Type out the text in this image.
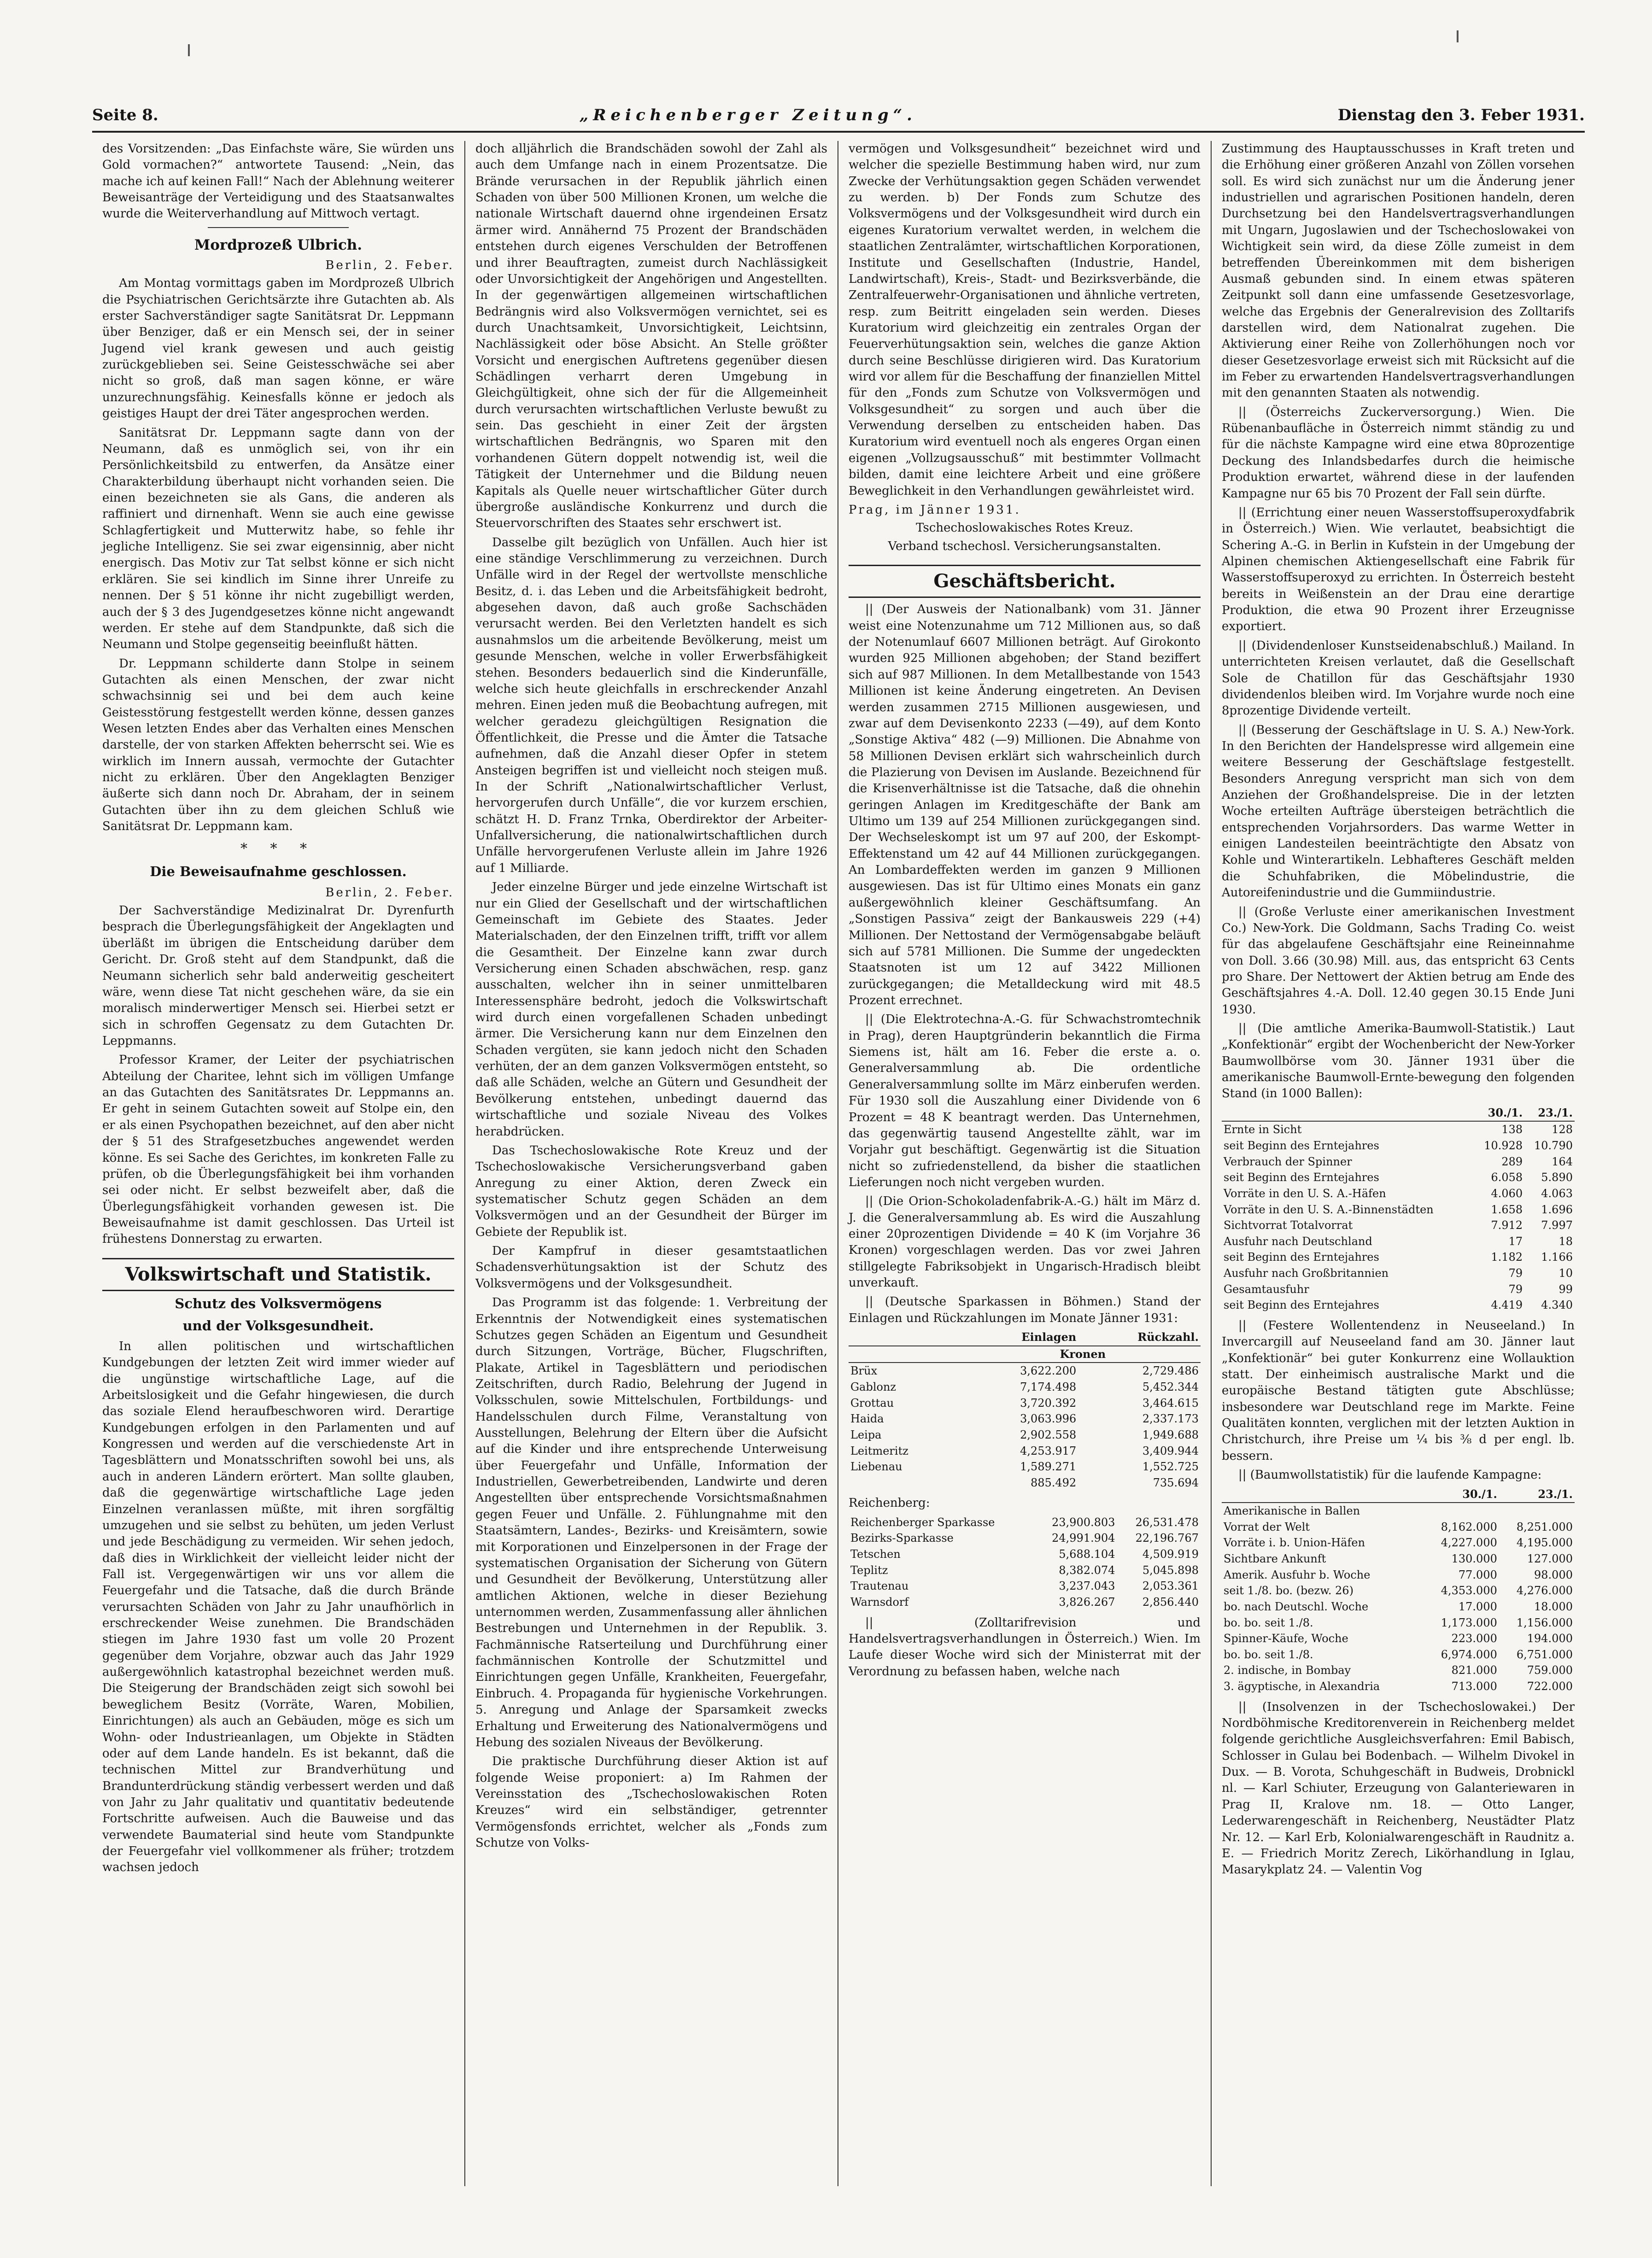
Seite 8.	„Reichenberger Zeitung“.	Dienstag den 3. Feber 1931.

des Vorsitzenden: „Das Einfachste wäre, Sie würden uns Gold vormachen?“ antwortete Tausend: „Nein, das mache ich auf keinen Fall!“ Nach der Ablehnung weiterer Beweisanträge der Verteidigung und des Staatsanwaltes wurde die Weiterverhandlung auf Mittwoch vertagt.

Mordprozeß Ulbrich.
Berlin, 2. Feber.

Am Montag vormittags gaben im Mordprozeß Ulbrich die Psychiatrischen Gerichtsärzte ihre Gutachten ab. Als erster Sachverständiger sagte Sanitätsrat Dr. Leppmann über Benziger, daß er ein Mensch sei, der in seiner Jugend viel krank gewesen und auch geistig zurückgeblieben sei. Seine Geistesschwäche sei aber nicht so groß, daß man sagen könne, er wäre unzurechnungsfähig. Keinesfalls könne er jedoch als geistiges Haupt der drei Täter angesprochen werden.

Sanitätsrat Dr. Leppmann sagte dann von der Neumann, daß es unmöglich sei, von ihr ein Persönlichkeitsbild zu entwerfen, da Ansätze einer Charakterbildung überhaupt nicht vorhanden seien. Die einen bezeichneten sie als Gans, die anderen als raffiniert und dirnenhaft. Wenn sie auch eine gewisse Schlagfertigkeit und Mutterwitz habe, so fehle ihr jegliche Intelligenz. Sie sei zwar eigensinnig, aber nicht energisch. Das Motiv zur Tat selbst könne er sich nicht erklären. Sie sei kindlich im Sinne ihrer Unreife zu nennen. Der § 51 könne ihr nicht zugebilligt werden, auch der § 3 des Jugendgesetzes könne nicht angewandt werden. Er stehe auf dem Standpunkte, daß sich die Neumann und Stolpe gegenseitig beeinflußt hätten.

Dr. Leppmann schilderte dann Stolpe in seinem Gutachten als einen Menschen, der zwar nicht schwachsinnig sei und bei dem auch keine Geistesstörung festgestellt werden könne, dessen ganzes Wesen letzten Endes aber das Verhalten eines Menschen darstelle, der von starken Affekten beherrscht sei. Wie es wirklich im Innern aussah, vermochte der Gutachter nicht zu erklären. Über den Angeklagten Benziger äußerte sich dann noch Dr. Abraham, der in seinem Gutachten über ihn zu dem gleichen Schluß wie Sanitätsrat Dr. Leppmann kam.

* * *
Die Beweisaufnahme geschlossen.
Berlin, 2. Feber.

Der Sachverständige Medizinalrat Dr. Dyrenfurth besprach die Überlegungsfähigkeit der Angeklagten und überläßt im übrigen die Entscheidung darüber dem Gericht. Dr. Groß steht auf dem Standpunkt, daß die Neumann sicherlich sehr bald anderweitig gescheitert wäre, wenn diese Tat nicht geschehen wäre, da sie ein moralisch minderwertiger Mensch sei. Hierbei setzt er sich in schroffen Gegensatz zu dem Gutachten Dr. Leppmanns.

Professor Kramer, der Leiter der psychiatrischen Abteilung der Charitee, lehnt sich im völligen Umfange an das Gutachten des Sanitätsrates Dr. Leppmanns an. Er geht in seinem Gutachten soweit auf Stolpe ein, den er als einen Psychopathen bezeichnet, auf den aber nicht der § 51 des Strafgesetzbuches angewendet werden könne. Es sei Sache des Gerichtes, im konkreten Falle zu prüfen, ob die Überlegungsfähigkeit bei ihm vorhanden sei oder nicht. Er selbst bezweifelt aber, daß die Überlegungsfähigkeit vorhanden gewesen ist. Die Beweisaufnahme ist damit geschlossen. Das Urteil ist frühestens Donnerstag zu erwarten.

Volkswirtschaft und Statistik.
Schutz des Volksvermögens
und der Volksgesundheit.

In allen politischen und wirtschaftlichen Kundgebungen der letzten Zeit wird immer wieder auf die ungünstige wirtschaftliche Lage, auf die Arbeitslosigkeit und die Gefahr hingewiesen, die durch das soziale Elend heraufbeschworen wird. Derartige Kundgebungen erfolgen in den Parlamenten und auf Kongressen und werden auf die verschiedenste Art in Tagesblättern und Monatsschriften sowohl bei uns, als auch in anderen Ländern erörtert. Man sollte glauben, daß die gegenwärtige wirtschaftliche Lage jeden Einzelnen veranlassen müßte, mit ihren sorgfältig umzugehen und sie selbst zu behüten, um jeden Verlust und jede Beschädigung zu vermeiden. Wir sehen jedoch, daß dies in Wirklichkeit der vielleicht leider nicht der Fall ist. Vergegenwärtigen wir uns vor allem die Feuergefahr und die Tatsache, daß die durch Brände verursachten Schäden von Jahr zu Jahr unaufhörlich in erschreckender Weise zunehmen. Die Brandschäden stiegen im Jahre 1930 fast um volle 20 Prozent gegenüber dem Vorjahre, obzwar auch das Jahr 1929 außergewöhnlich katastrophal bezeichnet werden muß. Die Steigerung der Brandschäden zeigt sich sowohl bei beweglichem Besitz (Vorräte, Waren, Mobilien, Einrichtungen) als auch an Gebäuden, möge es sich um Wohn- oder Industrieanlagen, um Objekte in Städten oder auf dem Lande handeln. Es ist bekannt, daß die technischen Mittel zur Brandverhütung und Brandunterdrückung ständig verbessert werden und daß von Jahr zu Jahr qualitativ und quantitativ bedeutende Fortschritte aufweisen. Auch die Bauweise und das verwendete Baumaterial sind heute vom Standpunkte der Feuergefahr viel vollkommener als früher; trotzdem wachsen jedoch

doch alljährlich die Brandschäden sowohl der Zahl als auch dem Umfange nach in einem Prozentsatze. Die Brände verursachen in der Republik jährlich einen Schaden von über 500 Millionen Kronen, um welche die nationale Wirtschaft dauernd ohne irgendeinen Ersatz ärmer wird. Annähernd 75 Prozent der Brandschäden entstehen durch eigenes Verschulden der Betroffenen und ihrer Beauftragten, zumeist durch Nachlässigkeit oder Unvorsichtigkeit der Angehörigen und Angestellten. In der gegenwärtigen allgemeinen wirtschaftlichen Bedrängnis wird also Volksvermögen vernichtet, sei es durch Unachtsamkeit, Unvorsichtigkeit, Leichtsinn, Nachlässigkeit oder böse Absicht. An Stelle größter Vorsicht und energischen Auftretens gegenüber diesen Schädlingen verharrt deren Umgebung in Gleichgültigkeit, ohne sich der für die Allgemeinheit durch verursachten wirtschaftlichen Verluste bewußt zu sein. Das geschieht in einer Zeit der ärgsten wirtschaftlichen Bedrängnis, wo Sparen mit den vorhandenen Gütern doppelt notwendig ist, weil die Tätigkeit der Unternehmer und die Bildung neuen Kapitals als Quelle neuer wirtschaftlicher Güter durch übergroße ausländische Konkurrenz und durch die Steuervorschriften des Staates sehr erschwert ist.

Dasselbe gilt bezüglich von Unfällen. Auch hier ist eine ständige Verschlimmerung zu verzeichnen. Durch Unfälle wird in der Regel der wertvollste menschliche Besitz, d. i. das Leben und die Arbeitsfähigkeit bedroht, abgesehen davon, daß auch große Sachschäden verursacht werden. Bei den Verletzten handelt es sich ausnahmslos um die arbeitende Bevölkerung, meist um gesunde Menschen, welche in voller Erwerbsfähigkeit stehen. Besonders bedauerlich sind die Kinderunfälle, welche sich heute gleichfalls in erschreckender Anzahl mehren. Einen jeden muß die Beobachtung aufregen, mit welcher geradezu gleichgültigen Resignation die Öffentlichkeit, die Presse und die Ämter die Tatsache aufnehmen, daß die Anzahl dieser Opfer in stetem Ansteigen begriffen ist und vielleicht noch steigen muß. In der Schrift „Nationalwirtschaftlicher Verlust, hervorgerufen durch Unfälle“, die vor kurzem erschien, schätzt H. D. Franz Trnka, Oberdirektor der Arbeiter-Unfallversicherung, die nationalwirtschaftlichen durch Unfälle hervorgerufenen Verluste allein im Jahre 1926 auf 1 Milliarde.

Jeder einzelne Bürger und jede einzelne Wirtschaft ist nur ein Glied der Gesellschaft und der wirtschaftlichen Gemeinschaft im Gebiete des Staates. Jeder Materialschaden, der den Einzelnen trifft, trifft vor allem die Gesamtheit. Der Einzelne kann zwar durch Versicherung einen Schaden abschwächen, resp. ganz ausschalten, welcher ihn in seiner unmittelbaren Interessensphäre bedroht, jedoch die Volkswirtschaft wird durch einen vorgefallenen Schaden unbedingt ärmer. Die Versicherung kann nur dem Einzelnen den Schaden vergüten, sie kann jedoch nicht den Schaden verhüten, der an dem ganzen Volksvermögen entsteht, so daß alle Schäden, welche an Gütern und Gesundheit der Bevölkerung entstehen, unbedingt dauernd das wirtschaftliche und soziale Niveau des Volkes herabdrücken.

Das Tschechoslowakische Rote Kreuz und der Tschechoslowakische Versicherungsverband gaben Anregung zu einer Aktion, deren Zweck ein systematischer Schutz gegen Schäden an dem Volksvermögen und an der Gesundheit der Bürger im Gebiete der Republik ist.

Der Kampfruf in dieser gesamtstaatlichen Schadensverhütungsaktion ist der Schutz des Volksvermögens und der Volksgesundheit.

Das Programm ist das folgende: 1. Verbreitung der Erkenntnis der Notwendigkeit eines systematischen Schutzes gegen Schäden an Eigentum und Gesundheit durch Sitzungen, Vorträge, Bücher, Flugschriften, Plakate, Artikel in Tagesblättern und periodischen Zeitschriften, durch Radio, Belehrung der Jugend in Volksschulen, sowie Mittelschulen, Fortbildungs- und Handelsschulen durch Filme, Veranstaltung von Ausstellungen, Belehrung der Eltern über die Aufsicht auf die Kinder und ihre entsprechende Unterweisung über Feuergefahr und Unfälle, Information der Industriellen, Gewerbetreibenden, Landwirte und deren Angestellten über entsprechende Vorsichtsmaßnahmen gegen Feuer und Unfälle. 2. Fühlungnahme mit den Staatsämtern, Landes-, Bezirks- und Kreisämtern, sowie mit Korporationen und Einzelpersonen in der Frage der systematischen Organisation der Sicherung von Gütern und Gesundheit der Bevölkerung, Unterstützung aller amtlichen Aktionen, welche in dieser Beziehung unternommen werden, Zusammenfassung aller ähnlichen Bestrebungen und Unternehmen in der Republik. 3. Fachmännische Ratserteilung und Durchführung einer fachmännischen Kontrolle der Schutzmittel und Einrichtungen gegen Unfälle, Krankheiten, Feuergefahr, Einbruch. 4. Propaganda für hygienische Vorkehrungen. 5. Anregung und Anlage der Sparsamkeit zwecks Erhaltung und Erweiterung des Nationalvermögens und Hebung des sozialen Niveaus der Bevölkerung.

Die praktische Durchführung dieser Aktion ist auf folgende Weise proponiert: a) Im Rahmen der Vereinsstation des „Tschechoslowakischen Roten Kreuzes“ wird ein selbständiger, getrennter Vermögensfonds errichtet, welcher als „Fonds zum Schutze von Volks-

vermögen und Volksgesundheit“ bezeichnet wird und welcher die spezielle Bestimmung haben wird, nur zum Zwecke der Verhütungsaktion gegen Schäden verwendet zu werden. b) Der Fonds zum Schutze des Volksvermögens und der Volksgesundheit wird durch ein eigenes Kuratorium verwaltet werden, in welchem die staatlichen Zentralämter, wirtschaftlichen Korporationen, Institute und Gesellschaften (Industrie, Handel, Landwirtschaft), Kreis-, Stadt- und Bezirksverbände, die Zentralfeuerwehr-Organisationen und ähnliche vertreten, resp. zum Beitritt eingeladen sein werden. Dieses Kuratorium wird gleichzeitig ein zentrales Organ der Feuerverhütungsaktion sein, welches die ganze Aktion durch seine Beschlüsse dirigieren wird. Das Kuratorium wird vor allem für die Beschaffung der finanziellen Mittel für den „Fonds zum Schutze von Volksvermögen und Volksgesundheit“ zu sorgen und auch über die Verwendung derselben zu entscheiden haben. Das Kuratorium wird eventuell noch als engeres Organ einen eigenen „Vollzugsausschuß“ mit bestimmter Vollmacht bilden, damit eine leichtere Arbeit und eine größere Beweglichkeit in den Verhandlungen gewährleistet wird.

Prag, im Jänner 1931.
Tschechoslowakisches Rotes Kreuz.
Verband tschechosl. Versicherungsanstalten.
Geschäftsbericht.

|| (Der Ausweis der Nationalbank) vom 31. Jänner weist eine Notenzunahme um 712 Millionen aus, so daß der Notenumlauf 6607 Millionen beträgt. Auf Girokonto wurden 925 Millionen abgehoben; der Stand beziffert sich auf 987 Millionen. In dem Metallbestande von 1543 Millionen ist keine Änderung eingetreten. An Devisen werden zusammen 2715 Millionen ausgewiesen, und zwar auf dem Devisenkonto 2233 (—49), auf dem Konto „Sonstige Aktiva“ 482 (—9) Millionen. Die Abnahme von 58 Millionen Devisen erklärt sich wahrscheinlich durch die Plazierung von Devisen im Auslande. Bezeichnend für die Krisenverhältnisse ist die Tatsache, daß die ohnehin geringen Anlagen im Kreditgeschäfte der Bank am Ultimo um 139 auf 254 Millionen zurückgegangen sind. Der Wechseleskompt ist um 97 auf 200, der Eskompt-Effektenstand um 42 auf 44 Millionen zurückgegangen. An Lombardeffekten werden im ganzen 9 Millionen ausgewiesen. Das ist für Ultimo eines Monats ein ganz außergewöhnlich kleiner Geschäftsumfang. An „Sonstigen Passiva“ zeigt der Bankausweis 229 (+4) Millionen. Der Nettostand der Vermögensabgabe beläuft sich auf 5781 Millionen. Die Summe der ungedeckten Staatsnoten ist um 12 auf 3422 Millionen zurückgegangen; die Metalldeckung wird mit 48.5 Prozent errechnet.

|| (Die Elektrotechna-A.-G. für Schwachstromtechnik in Prag), deren Hauptgründerin bekanntlich die Firma Siemens ist, hält am 16. Feber die erste a. o. Generalversammlung ab. Die ordentliche Generalversammlung sollte im März einberufen werden. Für 1930 soll die Auszahlung einer Dividende von 6 Prozent = 48 K beantragt werden. Das Unternehmen, das gegenwärtig tausend Angestellte zählt, war im Vorjahr gut beschäftigt. Gegenwärtig ist die Situation nicht so zufriedenstellend, da bisher die staatlichen Lieferungen noch nicht vergeben wurden.

|| (Die Orion-Schokoladenfabrik-A.-G.) hält im März d. J. die Generalversammlung ab. Es wird die Auszahlung einer 20prozentigen Dividende = 40 K (im Vorjahre 36 Kronen) vorgeschlagen werden. Das vor zwei Jahren stillgelegte Fabriksobjekt in Ungarisch-Hradisch bleibt unverkauft.

|| (Deutsche Sparkassen in Böhmen.) Stand der Einlagen und Rückzahlungen im Monate Jänner 1931:

	Einlagen	Rückzahl.
	Kronen	
Brüx	3,622.200	2,729.486
Gablonz	7,174.498	5,452.344
Grottau	3,720.392	3,464.615
Haida	3,063.996	2,337.173
Leipa	2,902.558	1,949.688
Leitmeritz	4,253.917	3,409.944
Liebenau	1,589.271	1,552.725
	885.492	735.694
Reichenberg:
Reichenberger Sparkasse	23,900.803	26,531.478
Bezirks-Sparkasse	24,991.904	22,196.767
Tetschen	5,688.104	4,509.919
Teplitz	8,382.074	5,045.898
Trautenau	3,237.043	2,053.361
Warnsdorf	3,826.267	2,856.440

|| (Zolltarifrevision und Handelsvertragsverhandlungen in Österreich.) Wien. Im Laufe dieser Woche wird sich der Ministerrat mit der Verordnung zu befassen haben, welche nach

Zustimmung des Hauptausschusses in Kraft treten und die Erhöhung einer größeren Anzahl von Zöllen vorsehen soll. Es wird sich zunächst nur um die Änderung jener industriellen und agrarischen Positionen handeln, deren Durchsetzung bei den Handelsvertragsverhandlungen mit Ungarn, Jugoslawien und der Tschechoslowakei von Wichtigkeit sein wird, da diese Zölle zumeist in dem betreffenden Übereinkommen mit dem bisherigen Ausmaß gebunden sind. In einem etwas späteren Zeitpunkt soll dann eine umfassende Gesetzesvorlage, welche das Ergebnis der Generalrevision des Zolltarifs darstellen wird, dem Nationalrat zugehen. Die Aktivierung einer Reihe von Zollerhöhungen noch vor dieser Gesetzesvorlage erweist sich mit Rücksicht auf die im Feber zu erwartenden Handelsvertragsverhandlungen mit den genannten Staaten als notwendig.

|| (Österreichs Zuckerversorgung.) Wien. Die Rübenanbaufläche in Österreich nimmt ständig zu und für die nächste Kampagne wird eine etwa 80prozentige Deckung des Inlandsbedarfes durch die heimische Produktion erwartet, während diese in der laufenden Kampagne nur 65 bis 70 Prozent der Fall sein dürfte.

|| (Errichtung einer neuen Wasserstoffsuperoxydfabrik in Österreich.) Wien. Wie verlautet, beabsichtigt die Schering A.-G. in Berlin in Kufstein in der Umgebung der Alpinen chemischen Aktiengesellschaft eine Fabrik für Wasserstoffsuperoxyd zu errichten. In Österreich besteht bereits in Weißenstein an der Drau eine derartige Produktion, die etwa 90 Prozent ihrer Erzeugnisse exportiert.

|| (Dividendenloser Kunstseidenabschluß.) Mailand. In unterrichteten Kreisen verlautet, daß die Gesellschaft Sole de Chatillon für das Geschäftsjahr 1930 dividendenlos bleiben wird. Im Vorjahre wurde noch eine 8prozentige Dividende verteilt.

|| (Besserung der Geschäftslage in U. S. A.) New-York. In den Berichten der Handelspresse wird allgemein eine weitere Besserung der Geschäftslage festgestellt. Besonders Anregung verspricht man sich von dem Anziehen der Großhandelspreise. Die in der letzten Woche erteilten Aufträge übersteigen beträchtlich die entsprechenden Vorjahrsorders. Das warme Wetter in einigen Landesteilen beeinträchtigte den Absatz von Kohle und Winterartikeln. Lebhafteres Geschäft melden die Schuhfabriken, die Möbelindustrie, die Autoreifenindustrie und die Gummiindustrie.

|| (Große Verluste einer amerikanischen Investment Co.) New-York. Die Goldmann, Sachs Trading Co. weist für das abgelaufene Geschäftsjahr eine Reineinnahme von Doll. 3.66 (30.98) Mill. aus, das entspricht 63 Cents pro Share. Der Nettowert der Aktien betrug am Ende des Geschäftsjahres 4.-A. Doll. 12.40 gegen 30.15 Ende Juni 1930.

|| (Die amtliche Amerika-Baumwoll-Statistik.) Laut „Konfektionär“ ergibt der Wochenbericht der New-Yorker Baumwollbörse vom 30. Jänner 1931 über die amerikanische Baumwoll-Ernte-bewegung den folgenden Stand (in 1000 Ballen):

	30./1.	23./1.
Ernte in Sicht	138	128
seit Beginn des Erntejahres	10.928	10.790
Verbrauch der Spinner	289	164
seit Beginn des Erntejahres	6.058	5.890
Vorräte in den U. S. A.-Häfen	4.060	4.063
Vorräte in den U. S. A.-Binnenstädten	1.658	1.696
Sichtvorrat Totalvorrat	7.912	7.997
Ausfuhr nach Deutschland	17	18
seit Beginn des Erntejahres	1.182	1.166
Ausfuhr nach Großbritannien	79	10
Gesamtausfuhr	79	99
seit Beginn des Erntejahres	4.419	4.340

|| (Festere Wollentendenz in Neuseeland.) In Invercargill auf Neuseeland fand am 30. Jänner laut „Konfektionär“ bei guter Konkurrenz eine Wollauktion statt. Der einheimisch australische Markt und die europäische Bestand tätigten gute Abschlüsse; insbesondere war Deutschland rege im Markte. Feine Qualitäten konnten, verglichen mit der letzten Auktion in Christchurch, ihre Preise um ¼ bis ⅜ d per engl. lb. bessern.

|| (Baumwollstatistik) für die laufende Kampagne:

	30./1.	23./1.
Amerikanische in Ballen		
Vorrat der Welt	8,162.000	8,251.000
Vorräte i. b. Union-Häfen	4,227.000	4,195.000
Sichtbare Ankunft	130.000	127.000
Amerik. Ausfuhr b. Woche	77.000	98.000
seit 1./8. bo. (bezw. 26)	4,353.000	4,276.000
bo. nach Deutschl. Woche	17.000	18.000
bo. bo. seit 1./8.	1,173.000	1,156.000
Spinner-Käufe, Woche	223.000	194.000
bo. bo. seit 1./8.	6,974.000	6,751.000
2. indische, in Bombay	821.000	759.000
3. ägyptische, in Alexandria	713.000	722.000

|| (Insolvenzen in der Tschechoslowakei.) Der Nordböhmische Kreditorenverein in Reichenberg meldet folgende gerichtliche Ausgleichsverfahren: Emil Babisch, Schlosser in Gulau bei Bodenbach. — Wilhelm Divokel in Dux. — B. Vorota, Schuhgeschäft in Budweis, Drobnickl nl. — Karl Schiuter, Erzeugung von Galanteriewaren in Prag II, Kralove nm. 18. — Otto Langer, Lederwarengeschäft in Reichenberg, Neustädter Platz Nr. 12. — Karl Erb, Kolonialwarengeschäft in Raudnitz a. E. — Friedrich Moritz Zerech, Likörhandlung in Iglau, Masarykplatz 24. — Valentin Vog
